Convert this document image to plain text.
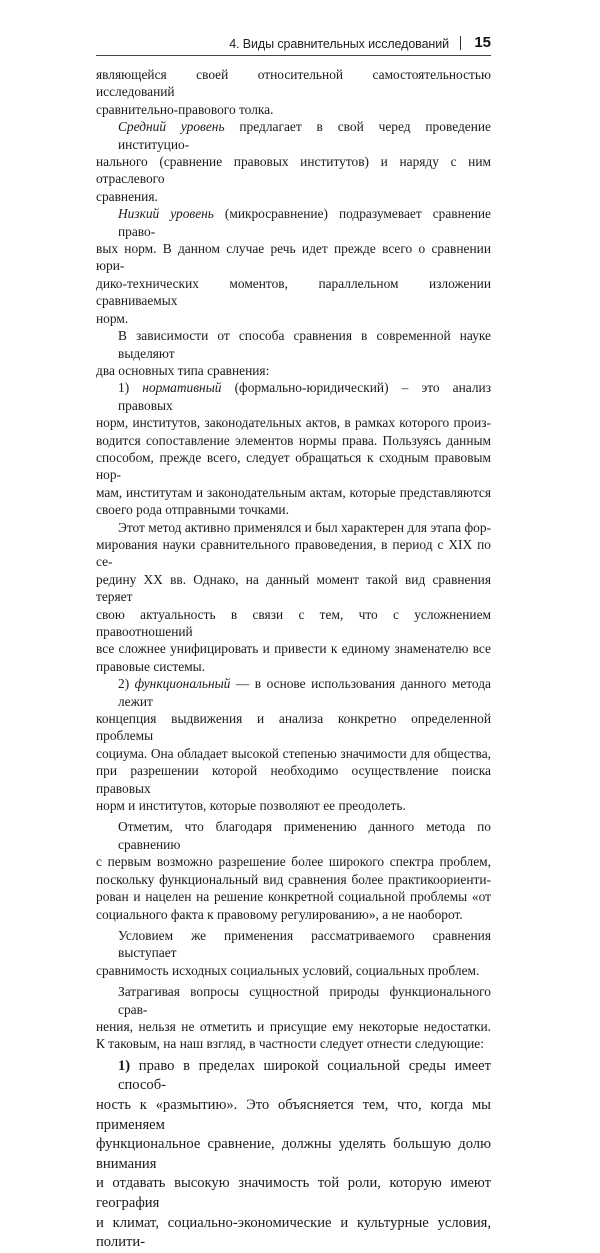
4. Виды сравнительных исследований 15
являющейся своей относительной самостоятельностью исследований
сравнительно-правового толка.
Средний уровень предлагает в свой черед проведение институцио-
нального (сравнение правовых институтов) и наряду с ним отраслевого
сравнения.
Низкий уровень (микросравнение) подразумевает сравнение право-
вых норм. В данном случае речь идет прежде всего о сравнении юри-
дико-технических моментов, параллельном изложении сравниваемых
норм.
В зависимости от способа сравнения в современной науке выделяют
два основных типа сравнения:
1) нормативный (формально-юридический) – это анализ правовых
норм, институтов, законодательных актов, в рамках которого произ-
водится сопоставление элементов нормы права. Пользуясь данным
способом, прежде всего, следует обращаться к сходным правовым нор-
мам, институтам и законодательным актам, которые представляются
своего рода отправными точками.
Этот метод активно применялся и был характерен для этапа фор-
мирования науки сравнительного правоведения, в период с XIX по се-
редину XX вв. Однако, на данный момент такой вид сравнения теряет
свою актуальность в связи с тем, что с усложнением правоотношений
все сложнее унифицировать и привести к единому знаменателю все
правовые системы.
2) функциональный — в основе использования данного метода лежит
концепция выдвижения и анализа конкретно определенной проблемы
социума. Она обладает высокой степенью значимости для общества,
при разрешении которой необходимо осуществление поиска правовых
норм и институтов, которые позволяют ее преодолеть.
Отметим, что благодаря применению данного метода по сравнению
с первым возможно разрешение более широкого спектра проблем,
поскольку функциональный вид сравнения более практикоориенти-
рован и нацелен на решение конкретной социальной проблемы «от
социального факта к правовому регулированию», а не наоборот.
Условием же применения рассматриваемого сравнения выступает
сравнимость исходных социальных условий, социальных проблем.
Затрагивая вопросы сущностной природы функционального срав-
нения, нельзя не отметить и присущие ему некоторые недостатки.
К таковым, на наш взгляд, в частности следует отнести следующие:
1) право в пределах широкой социальной среды имеет способ-
ность к «размытию». Это объясняется тем, что, когда мы применяем
функциональное сравнение, должны уделять большую долю внимания
и отдавать высокую значимость той роли, которую имеют география
и климат, социально-экономические и культурные условия, полити-
